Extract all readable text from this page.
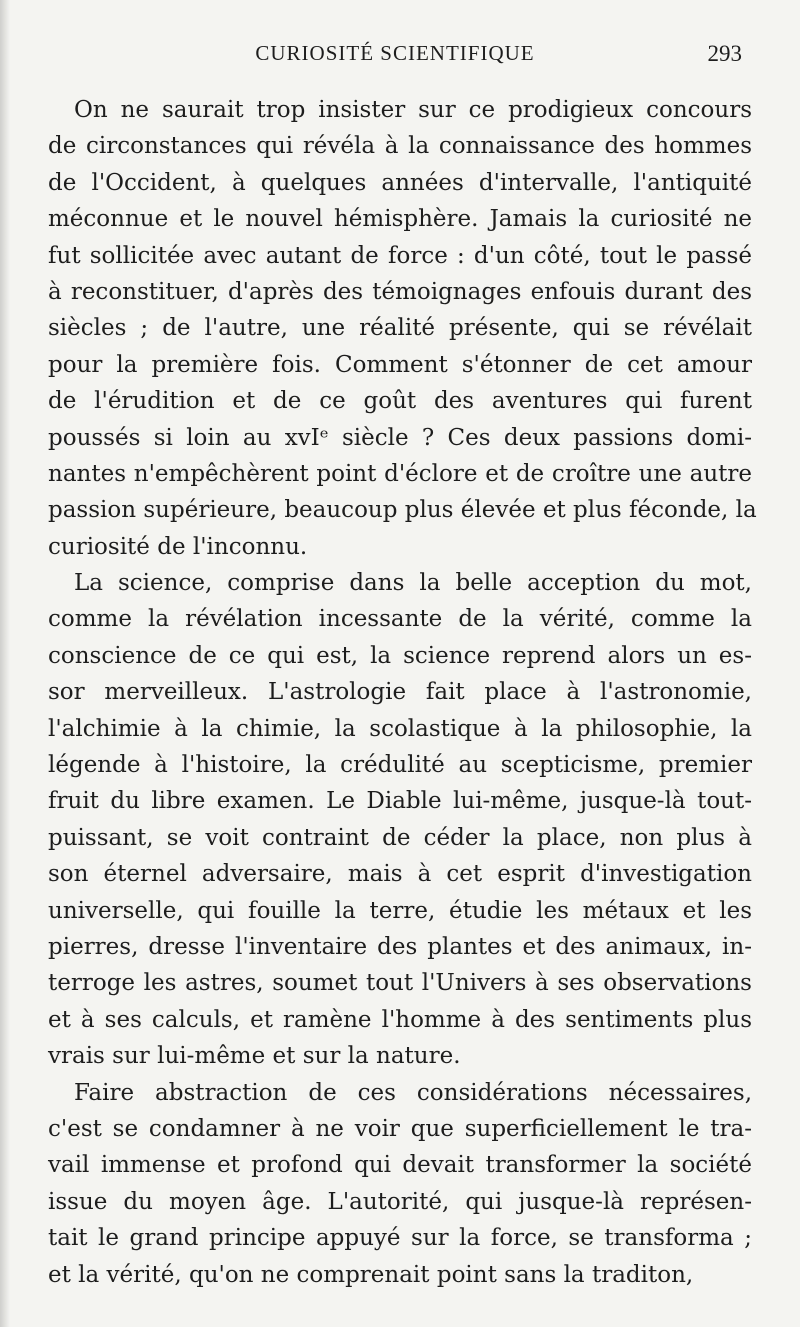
CURIOSITÉ SCIENTIFIQUE	293
On ne saurait trop insister sur ce prodigieux concours
de circonstances qui révéla à la connaissance des hommes
de l'Occident, à quelques années d'intervalle, l'antiquité
méconnue et le nouvel hémisphère. Jamais la curiosité ne
fut sollicitée avec autant de force : d'un côté, tout le passé
à reconstituer, d'après des témoignages enfouis durant des
siècles ; de l'autre, une réalité présente, qui se révélait
pour la première fois. Comment s'étonner de cet amour
de l'érudition et de ce goût des aventures qui furent
poussés si loin au xvIᵉ siècle ? Ces deux passions domi-
nantes n'empêchèrent point d'éclore et de croître une autre
passion supérieure, beaucoup plus élevée et plus féconde, la
curiosité de l'inconnu.
La science, comprise dans la belle acception du mot,
comme la révélation incessante de la vérité, comme la
conscience de ce qui est, la science reprend alors un es-
sor merveilleux. L'astrologie fait place à l'astronomie,
l'alchimie à la chimie, la scolastique à la philosophie, la
légende à l'histoire, la crédulité au scepticisme, premier
fruit du libre examen. Le Diable lui-même, jusque-là tout-
puissant, se voit contraint de céder la place, non plus à
son éternel adversaire, mais à cet esprit d'investigation
universelle, qui fouille la terre, étudie les métaux et les
pierres, dresse l'inventaire des plantes et des animaux, in-
terroge les astres, soumet tout l'Univers à ses observations
et à ses calculs, et ramène l'homme à des sentiments plus
vrais sur lui-même et sur la nature.
Faire abstraction de ces considérations nécessaires,
c'est se condamner à ne voir que superficiellement le tra-
vail immense et profond qui devait transformer la société
issue du moyen âge. L'autorité, qui jusque-là représen-
tait le grand principe appuyé sur la force, se transforma ;
et la vérité, qu'on ne comprenait point sans la traditon,
